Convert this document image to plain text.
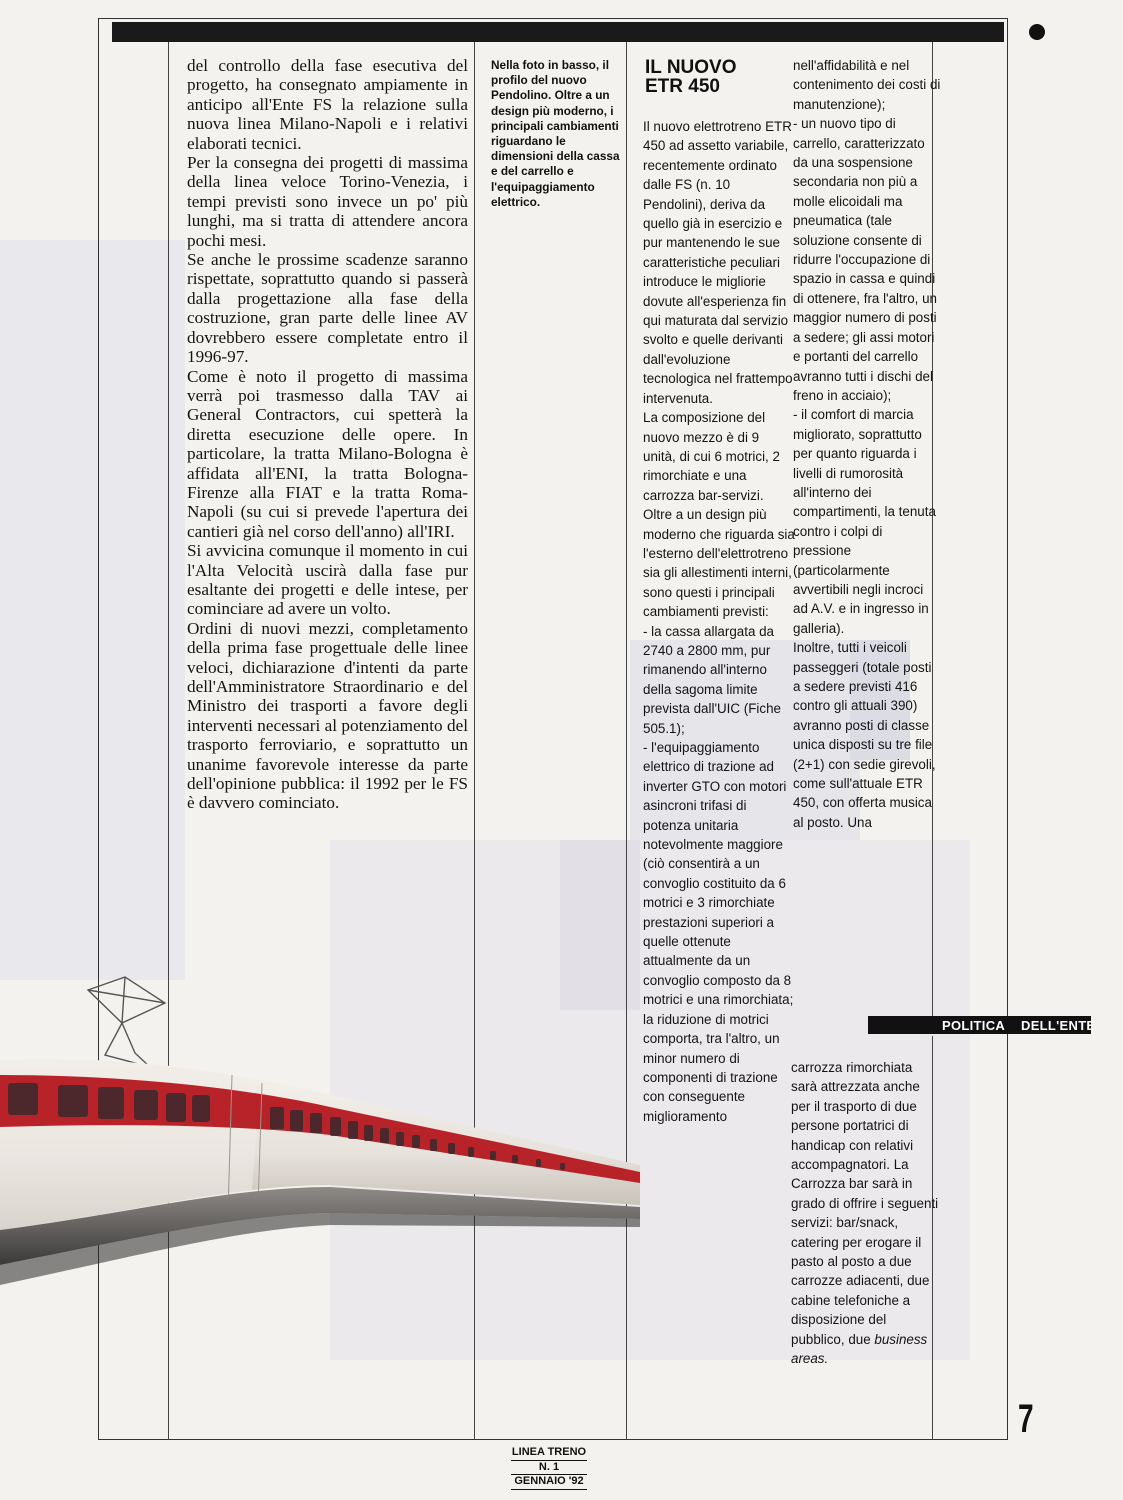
del controllo della fase esecutiva del progetto, ha consegnato ampiamente in anticipo all'Ente FS la relazione sulla nuova linea Milano-Napoli e i relativi elaborati tecnici.

Per la consegna dei progetti di massima della linea veloce Torino-Venezia, i tempi previsti sono invece un po' più lunghi, ma si tratta di attendere ancora pochi mesi.

Se anche le prossime scadenze saranno rispettate, soprattutto quando si passerà dalla progettazione alla fase della costruzione, gran parte delle linee AV dovrebbero essere completate entro il 1996-97.

Come è noto il progetto di massima verrà poi trasmesso dalla TAV ai General Contractors, cui spetterà la diretta esecuzione delle opere. In particolare, la tratta Milano-Bologna è affidata all'ENI, la tratta Bologna-Firenze alla FIAT e la tratta Roma-Napoli (su cui si prevede l'apertura dei cantieri già nel corso dell'anno) all'IRI.

Si avvicina comunque il momento in cui l'Alta Velocità uscirà dalla fase pur esaltante dei progetti e delle intese, per cominciare ad avere un volto.

Ordini di nuovi mezzi, completamento della prima fase progettuale delle linee veloci, dichiarazione d'intenti da parte dell'Amministratore Straordinario e del Ministro dei trasporti a favore degli interventi necessari al potenziamento del trasporto ferroviario, e soprattutto un unanime favorevole interesse da parte dell'opinione pubblica: il 1992 per le FS è davvero cominciato.

Nella foto in basso, il profilo del nuovo Pendolino. Oltre a un design più moderno, i principali cambiamenti riguardano le dimensioni della cassa e del carrello e l'equipaggiamento elettrico.

IL NUOVO
ETR 450

Il nuovo elettrotreno ETR 450 ad assetto variabile, recentemente ordinato dalle FS (n. 10 Pendolini), deriva da quello già in esercizio e pur mantenendo le sue caratteristiche peculiari introduce le migliorie dovute all'esperienza fin qui maturata dal servizio svolto e quelle derivanti dall'evoluzione tecnologica nel frattempo intervenuta.

La composizione del nuovo mezzo è di 9 unità, di cui 6 motrici, 2 rimorchiate e una carrozza bar-servizi.

Oltre a un design più moderno che riguarda sia l'esterno dell'elettrotreno sia gli allestimenti interni, sono questi i principali cambiamenti previsti:

- la cassa allargata da 2740 a 2800 mm, pur rimanendo all'interno della sagoma limite prevista dall'UIC (Fiche 505.1);

- l'equipaggiamento elettrico di trazione ad inverter GTO con motori asincroni trifasi di potenza unitaria notevolmente maggiore (ciò consentirà a un convoglio costituito da 6 motrici e 3 rimorchiate prestazioni superiori a quelle ottenute attualmente da un convoglio composto da 8 motrici e una rimorchiata; la riduzione di motrici comporta, tra l'altro, un minor numero di componenti di trazione con conseguente miglioramento

nell'affidabilità e nel contenimento dei costi di manutenzione);

- un nuovo tipo di carrello, caratterizzato da una sospensione secondaria non più a molle elicoidali ma pneumatica (tale soluzione consente di ridurre l'occupazione di spazio in cassa e quindi di ottenere, fra l'altro, un maggior numero di posti a sedere; gli assi motori e portanti del carrello avranno tutti i dischi del freno in acciaio);

- il comfort di marcia migliorato, soprattutto per quanto riguarda i livelli di rumorosità all'interno dei compartimenti, la tenuta contro i colpi di pressione (particolarmente avvertibili negli incroci ad A.V. e in ingresso in galleria).

Inoltre, tutti i veicoli passeggeri (totale posti a sedere previsti 416 contro gli attuali 390) avranno posti di classe unica disposti su tre file (2+1) con sedie girevoli, come sull'attuale ETR 450, con offerta musica al posto. Una

POLITICA DELL'ENTE

carrozza rimorchiata sarà attrezzata anche per il trasporto di due persone portatrici di handicap con relativi accompagnatori. La Carrozza bar sarà in grado di offrire i seguenti servizi: bar/snack, catering per erogare il pasto al posto a due carrozze adiacenti, due cabine telefoniche a disposizione del pubblico, due business areas.

7
LINEA TRENO
N. 1
GENNAIO '92
